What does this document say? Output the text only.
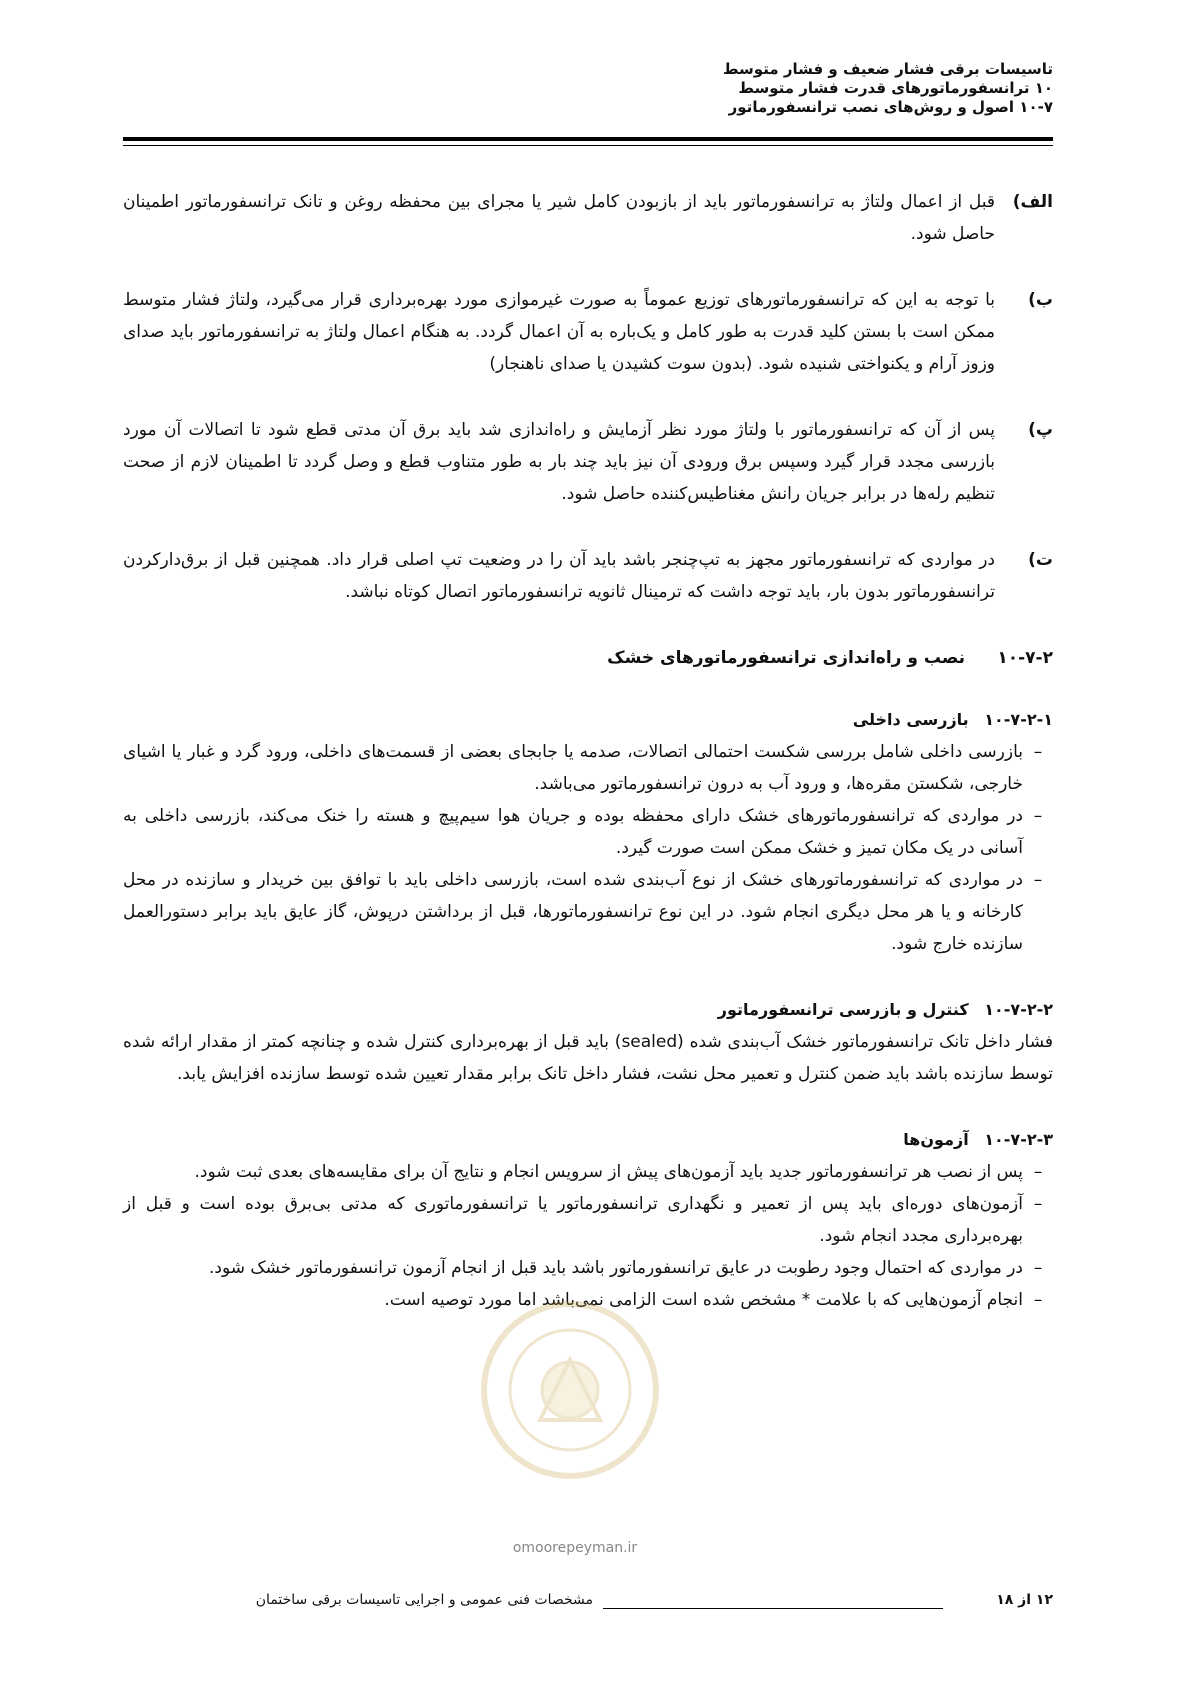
تاسیسات برقی فشار ضعیف و فشار متوسط
۱۰ ترانسفورماتورهای قدرت فشار متوسط
۱۰-۷ اصول و روش‌های نصب ترانسفورماتور
الف)
قبل از اعمال ولتاژ به ترانسفورماتور باید از بازبودن کامل شیر یا مجرای بین محفظه روغن و تانک ترانسفورماتور اطمینان حاصل شود.
ب)
با توجه به این که ترانسفورماتورهای توزیع عموماً به صورت غیرموازی مورد بهره‌برداری قرار می‌گیرد، ولتاژ فشار متوسط ممکن است با بستن کلید قدرت به طور کامل و یک‌باره به آن اعمال گردد. به هنگام اعمال ولتاژ به ترانسفورماتور باید صدای وزوز آرام و یکنواختی شنیده شود. (بدون سوت کشیدن یا صدای ناهنجار)
پ)
پس از آن که ترانسفورماتور با ولتاژ مورد نظر آزمایش و راه‌اندازی شد باید برق آن مدتی قطع شود تا اتصالات آن مورد بازرسی مجدد قرار گیرد وسپس برق ورودی آن نیز باید چند بار به طور متناوب قطع و وصل گردد تا اطمینان لازم از صحت تنظیم رله‌ها در برابر جریان رانش مغناطیس‌کننده حاصل شود.
ت)
در مواردی که ترانسفورماتور مجهز به تپ‌چنجر باشد باید آن را در وضعیت تپ اصلی قرار داد. همچنین قبل از برق‌دارکردن ترانسفورماتور بدون بار، باید توجه داشت که ترمینال ثانویه ترانسفورماتور اتصال کوتاه نباشد.
۱۰-۷-۲
نصب و راه‌اندازی ترانسفورماتورهای خشک
۱۰-۷-۲-۱ بازرسی داخلی
–
بازرسی داخلی شامل بررسی شکست احتمالی اتصالات، صدمه یا جابجای بعضی از قسمت‌های داخلی، ورود گرد و غبار یا اشیای خارجی، شکستن مقره‌ها، و ورود آب به درون ترانسفورماتور می‌باشد.
–
در مواردی که ترانسفورماتورهای خشک دارای محفظه بوده و جریان هوا سیم‌پیچ و هسته را خنک می‌کند، بازرسی داخلی به آسانی در یک مکان تمیز و خشک ممکن است صورت گیرد.
–
در مواردی که ترانسفورماتورهای خشک از نوع آب‌بندی شده است، بازرسی داخلی باید با توافق بین خریدار و سازنده در محل کارخانه و یا هر محل دیگری انجام شود. در این نوع ترانسفورماتورها، قبل از برداشتن درپوش، گاز عایق باید برابر دستورالعمل سازنده خارج شود.
۱۰-۷-۲-۲ کنترل و بازرسی ترانسفورماتور

فشار داخل تانک ترانسفورماتور خشک آب‌بندی شده (sealed) باید قبل از بهره‌برداری کنترل شده و چنانچه کمتر از مقدار ارائه شده توسط سازنده باشد باید ضمن کنترل و تعمیر محل نشت، فشار داخل تانک برابر مقدار تعیین شده توسط سازنده افزایش یابد.

۱۰-۷-۲-۳ آزمون‌ها
–
پس از نصب هر ترانسفورماتور جدید باید آزمون‌های پیش از سرویس انجام و نتایج آن برای مقایسه‌های بعدی ثبت شود.
–
آزمون‌های دوره‌ای باید پس از تعمیر و نگهداری ترانسفورماتور یا ترانسفورماتوری که مدتی بی‌برق بوده است و قبل از بهره‌برداری مجدد انجام شود.
–
در مواردی که احتمال وجود رطوبت در عایق ترانسفورماتور باشد باید قبل از انجام آزمون ترانسفورماتور خشک شود.
–
انجام آزمون‌هایی که با علامت * مشخص شده است الزامی نمی‌باشد اما مورد توصیه است.
omoorepeyman.ir
۱۲ از ۱۸
مشخصات فنی عمومی و اجرایی تاسیسات برقی ساختمان
